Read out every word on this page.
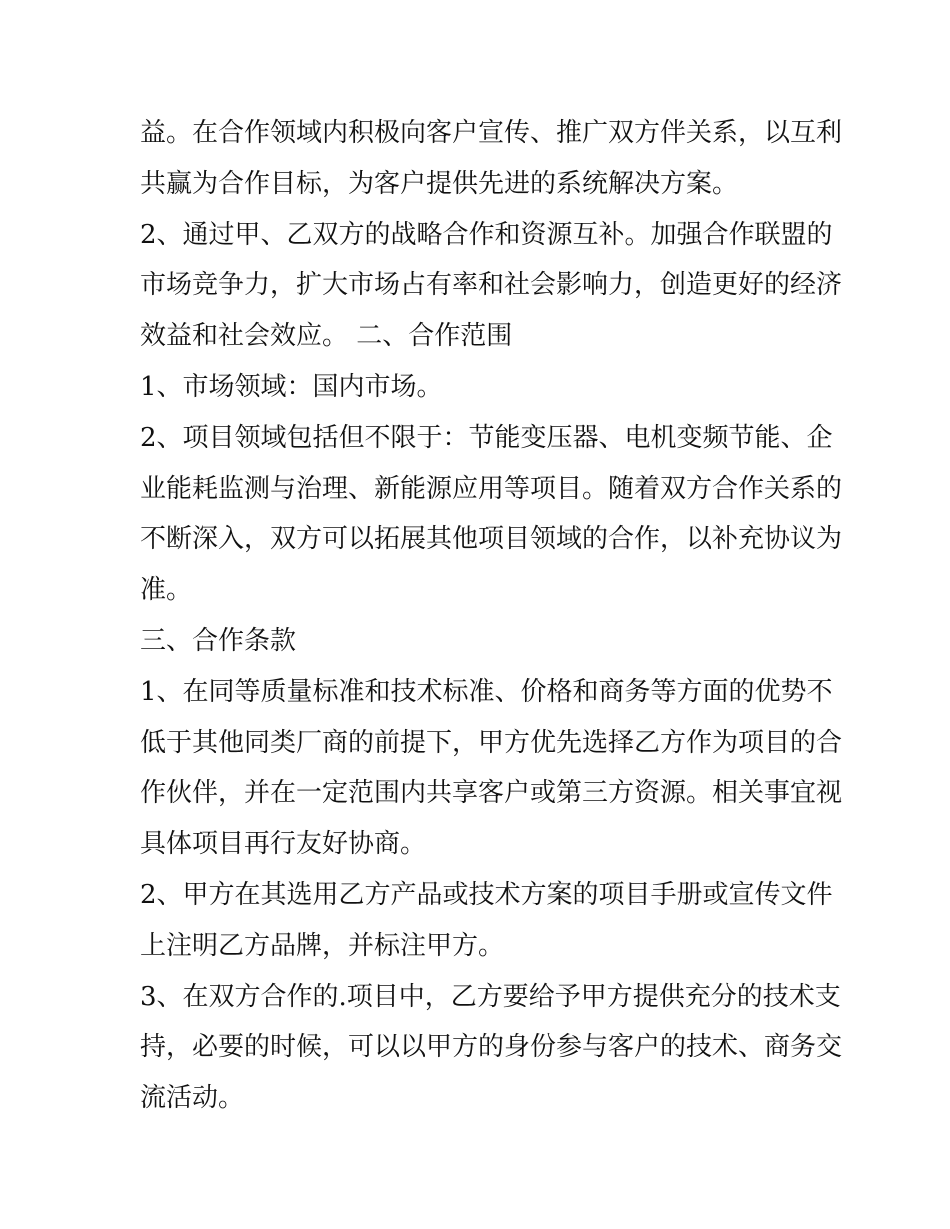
益。在合作领域内积极向客户宣传、推广双方伴关系，以互利
共赢为合作目标，为客户提供先进的系统解决方案。
2、通过甲、乙双方的战略合作和资源互补。加强合作联盟的
市场竞争力，扩大市场占有率和社会影响力，创造更好的经济
效益和社会效应。 二、合作范围
1、市场领域：国内市场。
2、项目领域包括但不限于：节能变压器、电机变频节能、企
业能耗监测与治理、新能源应用等项目。随着双方合作关系的
不断深入，双方可以拓展其他项目领域的合作，以补充协议为
准。
三、合作条款
1、在同等质量标准和技术标准、价格和商务等方面的优势不
低于其他同类厂商的前提下，甲方优先选择乙方作为项目的合
作伙伴，并在一定范围内共享客户或第三方资源。相关事宜视
具体项目再行友好协商。
2、甲方在其选用乙方产品或技术方案的项目手册或宣传文件
上注明乙方品牌，并标注甲方。
3、在双方合作的.项目中，乙方要给予甲方提供充分的技术支
持，必要的时候，可以以甲方的身份参与客户的技术、商务交
流活动。
